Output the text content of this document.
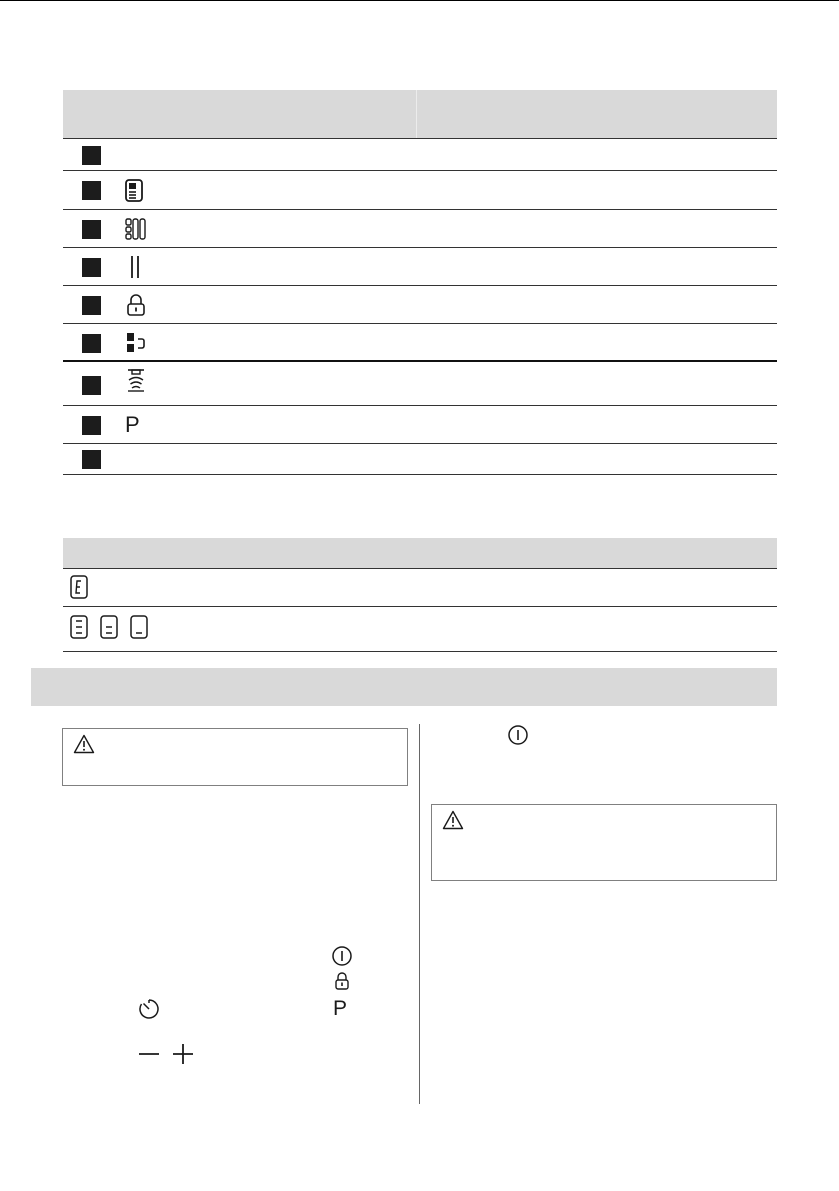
P
P
